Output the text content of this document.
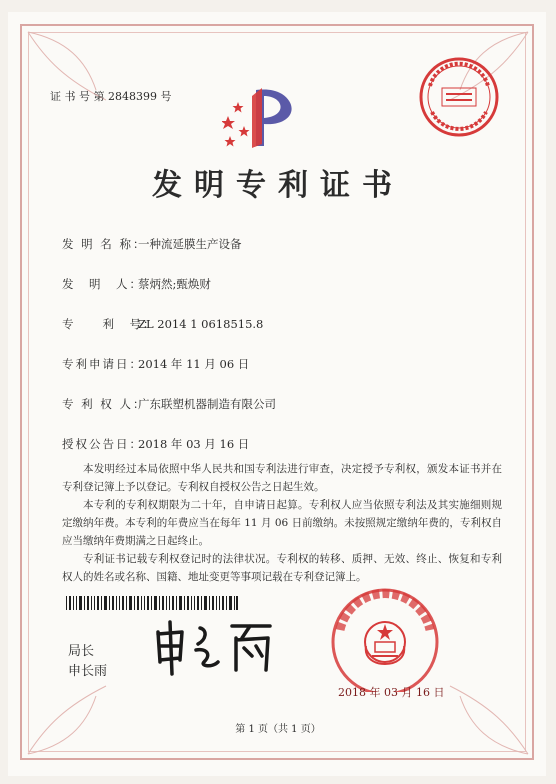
证 书 号 第 2848399 号
发明专利证书
发 明 名 称：一种流延膜生产设备
发　明　人：蔡炳然;甄焕财
专　　利　号：ZL 2014 1 0618515.8
专利申请日：2014 年 11 月 06 日
专 利 权 人：广东联塑机器制造有限公司
授权公告日：2018 年 03 月 16 日
本发明经过本局依照中华人民共和国专利法进行审查，决定授予专利权，颁发本证书并在专利登记簿上予以登记。专利权自授权公告之日起生效。
本专利的专利权期限为二十年，自申请日起算。专利权人应当依照专利法及其实施细则规定缴纳年费。本专利的年费应当在每年 11 月 06 日前缴纳。未按照规定缴纳年费的，专利权自应当缴纳年费期满之日起终止。
专利证书记载专利权登记时的法律状况。专利权的转移、质押、无效、终止、恢复和专利权人的姓名或名称、国籍、地址变更等事项记载在专利登记簿上。
局长
申长雨
2018 年 03 月 16 日
第 1 页（共 1 页）
